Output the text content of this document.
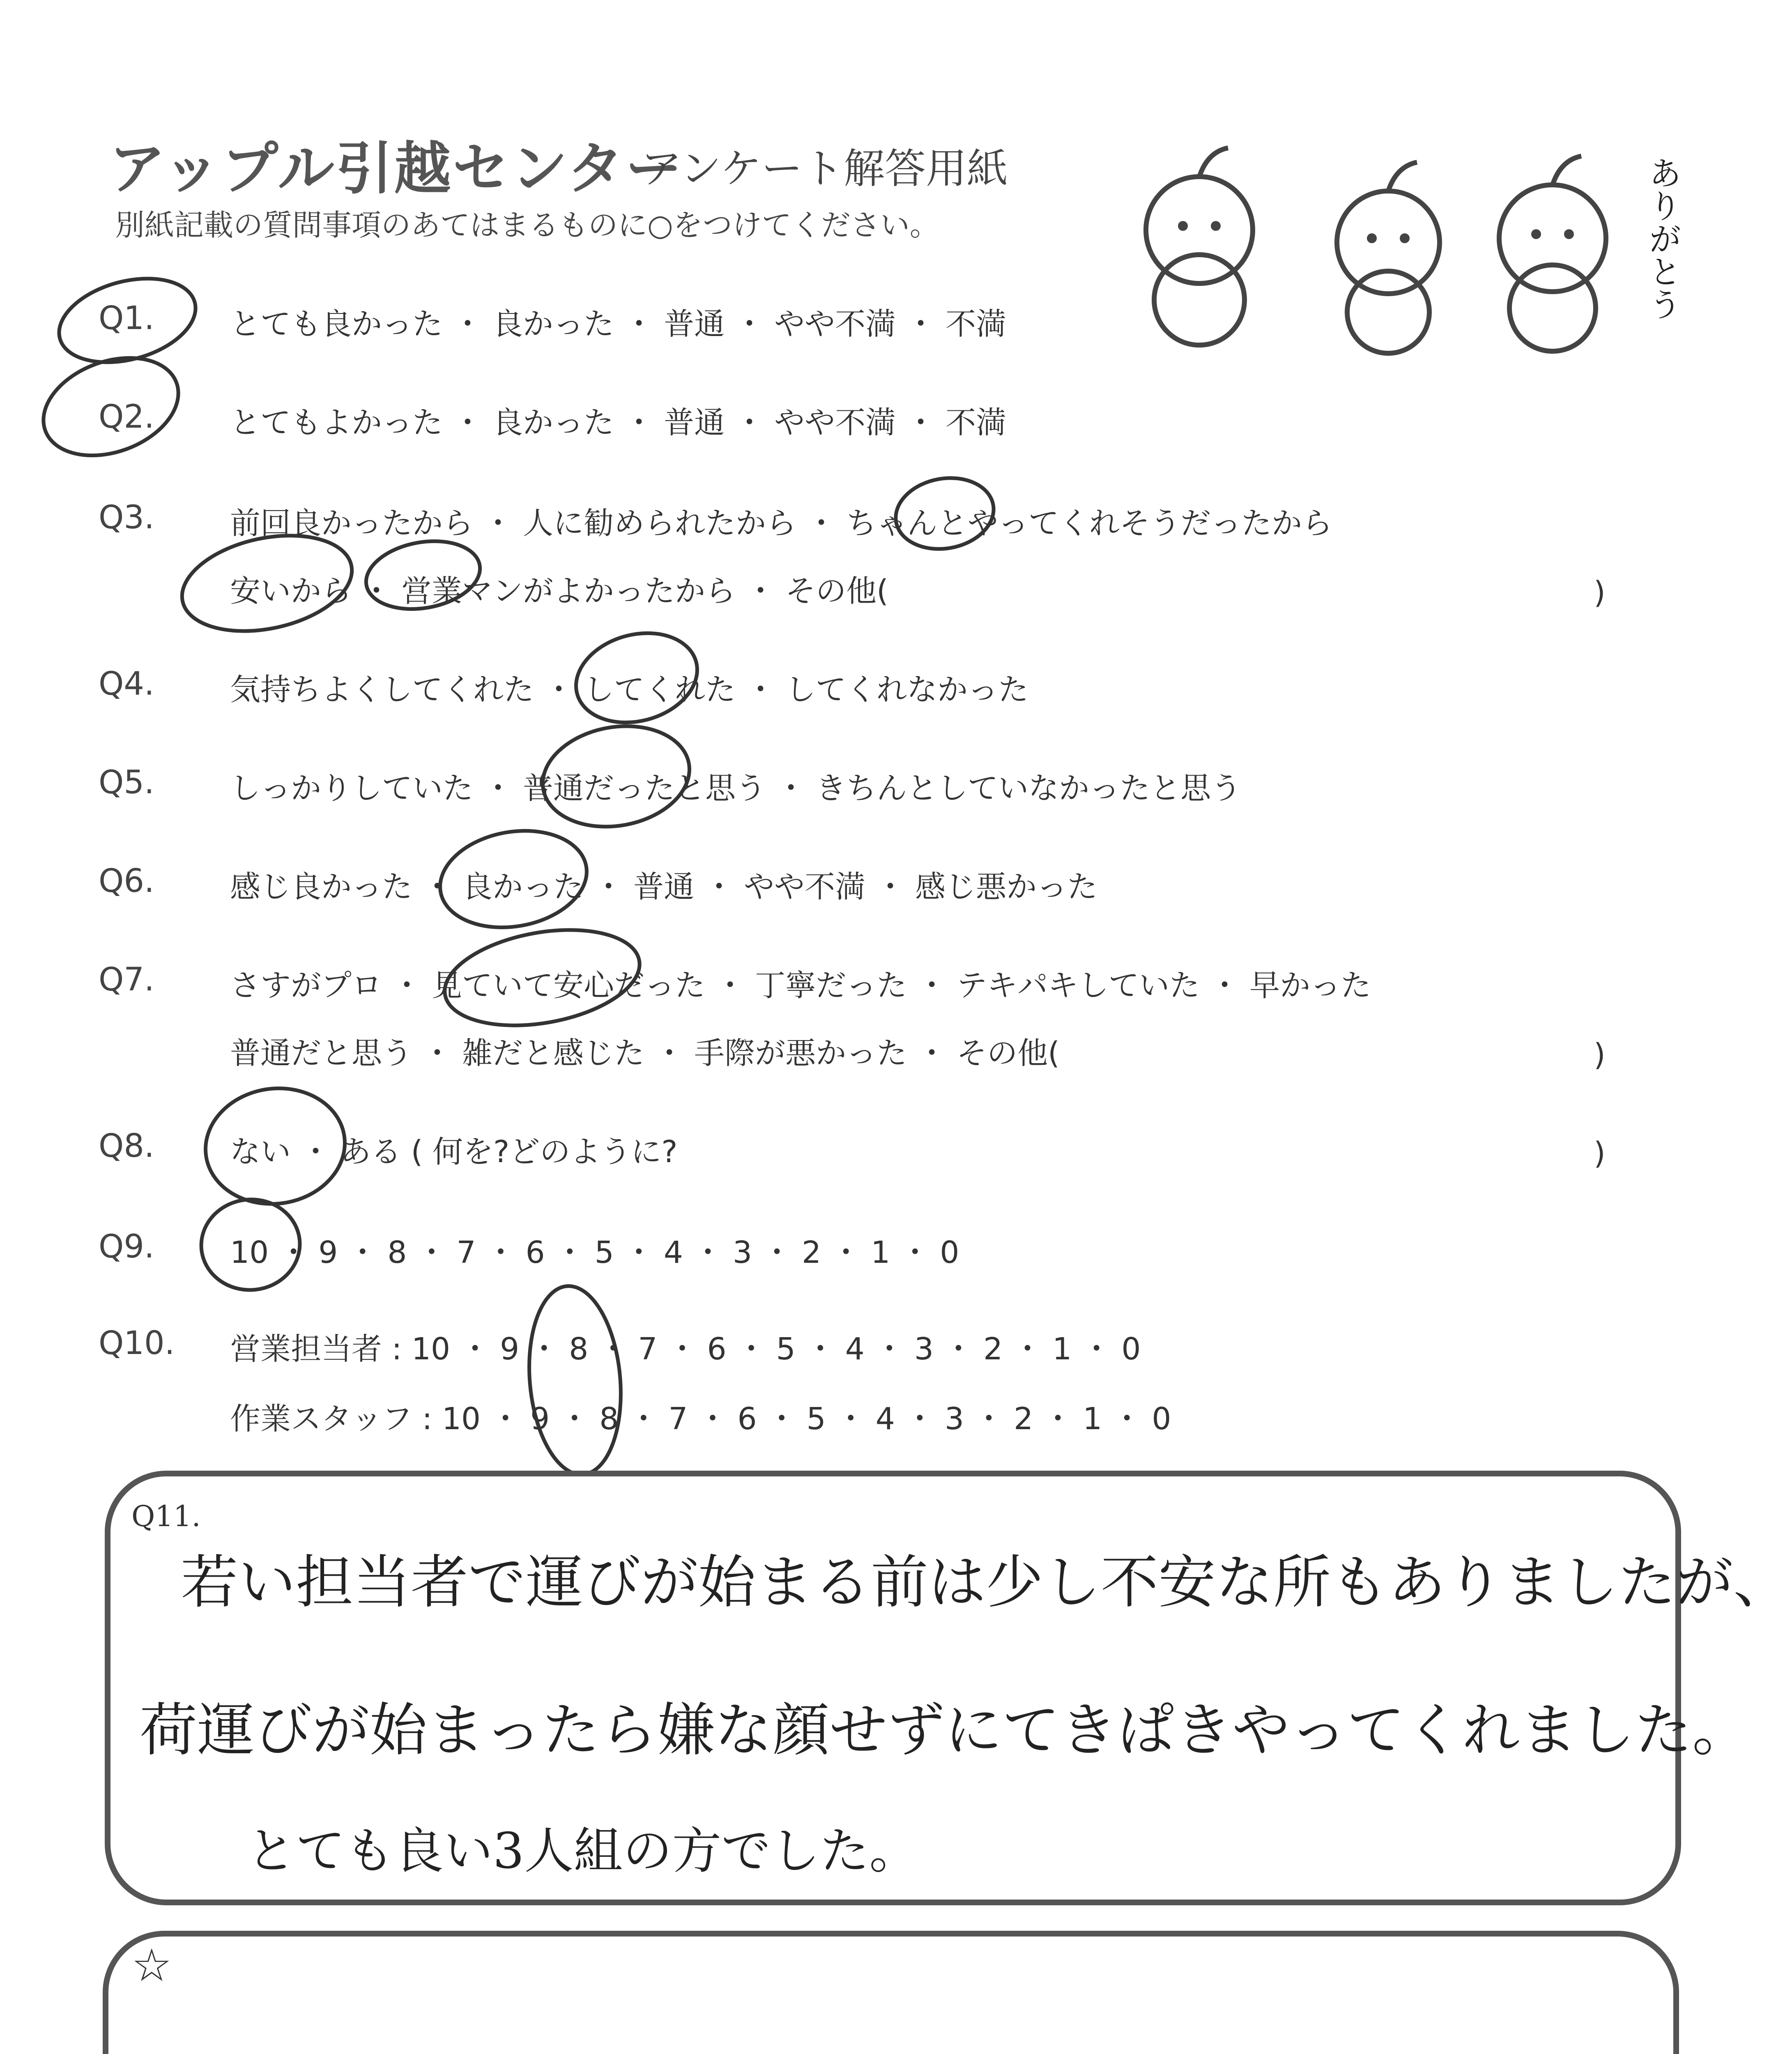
アップル引越センター
アンケート解答用紙
別紙記載の質問事項のあてはまるものに○をつけてください。	ありがとう
Q1. とても良かった ・ 良かった ・ 普通 ・ やや不満 ・ 不満
Q2. とてもよかった ・ 良かった ・ 普通 ・ やや不満 ・ 不満
Q3. 前回良かったから ・ 人に勧められたから ・ ちゃんとやってくれそうだったから
安いから ・ 営業マンがよかったから ・ その他(	)
Q4. 気持ちよくしてくれた ・ してくれた ・ してくれなかった
Q5. しっかりしていた ・ 普通だったと思う ・ きちんとしていなかったと思う
Q6. 感じ良かった ・ 良かった ・ 普通 ・ やや不満 ・ 感じ悪かった
Q7. さすがプロ ・ 見ていて安心だった ・ 丁寧だった ・ テキパキしていた ・ 早かった
普通だと思う ・ 雑だと感じた ・ 手際が悪かった ・ その他(	)
Q8. ない ・ ある ( 何を?どのように?	)
Q9. 10 ・ 9 ・ 8 ・ 7 ・ 6 ・ 5 ・ 4 ・ 3 ・ 2 ・ 1 ・ 0
Q10. 営業担当者 : 10 ・ 9 ・ 8 ・ 7 ・ 6 ・ 5 ・ 4 ・ 3 ・ 2 ・ 1 ・ 0
作業スタッフ : 10 ・ 9 ・ 8 ・ 7 ・ 6 ・ 5 ・ 4 ・ 3 ・ 2 ・ 1 ・ 0
Q11.
若い担当者で運びが始まる前は少し不安な所もありましたが、
荷運びが始まったら嫌な顔せずにてきぱきやってくれました。
とても良い3人組の方でした。
☆
